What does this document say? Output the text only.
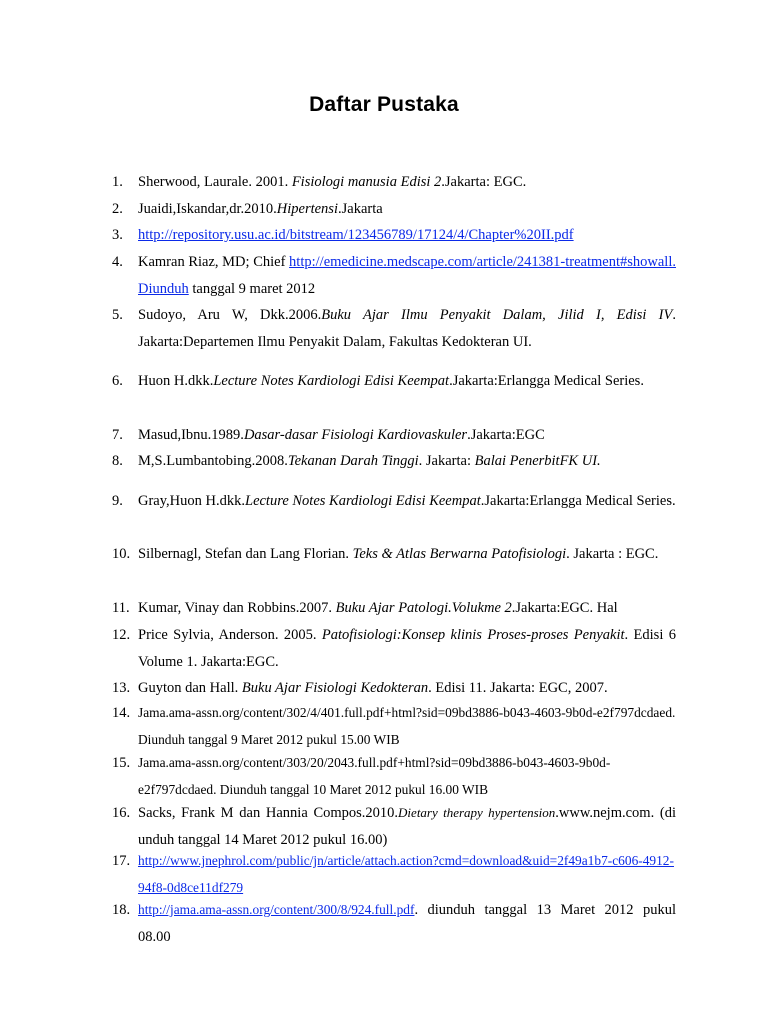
Daftar Pustaka
1. Sherwood, Laurale. 2001. Fisiologi manusia Edisi 2.Jakarta: EGC.
2. Juaidi,Iskandar,dr.2010.Hipertensi.Jakarta
3. http://repository.usu.ac.id/bitstream/123456789/17124/4/Chapter%20II.pdf
4. Kamran Riaz, MD; Chief http://emedicine.medscape.com/article/241381-treatment#showall. Diunduh tanggal 9 maret 2012
5. Sudoyo, Aru W, Dkk.2006.Buku Ajar Ilmu Penyakit Dalam, Jilid I, Edisi IV. Jakarta:Departemen Ilmu Penyakit Dalam, Fakultas Kedokteran UI.
6. Huon H.dkk.Lecture Notes Kardiologi Edisi Keempat.Jakarta:Erlangga Medical Series.
7. Masud,Ibnu.1989.Dasar-dasar Fisiologi Kardiovaskuler.Jakarta:EGC
8. M,S.Lumbantobing.2008.Tekanan Darah Tinggi. Jakarta: Balai PenerbitFK UI.
9. Gray,Huon H.dkk.Lecture Notes Kardiologi Edisi Keempat.Jakarta:Erlangga Medical Series.
10. Silbernagl, Stefan dan Lang Florian. Teks & Atlas Berwarna Patofisiologi. Jakarta : EGC.
11. Kumar, Vinay dan Robbins.2007. Buku Ajar Patologi.Volukme 2.Jakarta:EGC. Hal
12. Price Sylvia, Anderson. 2005. Patofisiologi:Konsep klinis Proses-proses Penyakit. Edisi 6 Volume 1. Jakarta:EGC.
13. Guyton dan Hall. Buku Ajar Fisiologi Kedokteran. Edisi 11. Jakarta: EGC, 2007.
14. Jama.ama-assn.org/content/302/4/401.full.pdf+html?sid=09bd3886-b043-4603-9b0d-e2f797dcdaed. Diunduh tanggal 9 Maret 2012 pukul 15.00 WIB
15. Jama.ama-assn.org/content/303/20/2043.full.pdf+html?sid=09bd3886-b043-4603-9b0d-e2f797dcdaed. Diunduh tanggal 10 Maret 2012 pukul 16.00 WIB
16. Sacks, Frank M dan Hannia Compos.2010.Dietary therapy hypertension.www.nejm.com. (di unduh tanggal 14 Maret 2012 pukul 16.00)
17. http://www.jnephrol.com/public/jn/article/attach.action?cmd=download&uid=2f49a1b7-c606-4912-94f8-0d8ce11df279
18. http://jama.ama-assn.org/content/300/8/924.full.pdf. diunduh tanggal 13 Maret 2012 pukul 08.00
